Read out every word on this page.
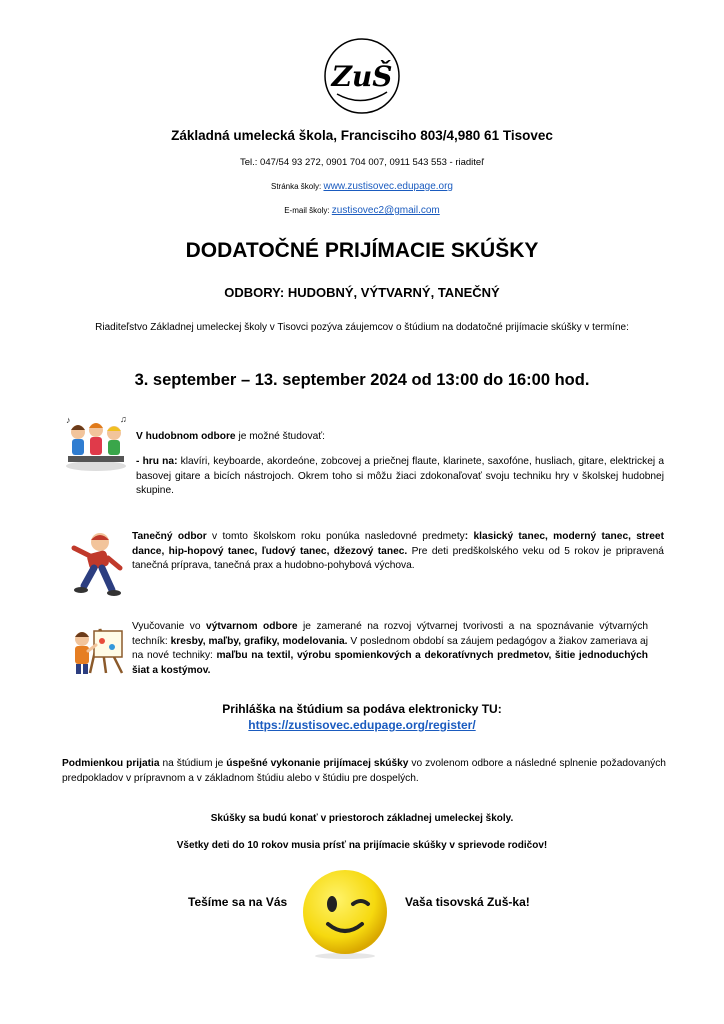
ZuŠ
Základná umelecká škola, Francisciho 803/4,980 61 Tisovec
Tel.: 047/54 93 272, 0901 704 007, 0911 543 553 - riaditeľ
Stránka školy: www.zustisovec.edupage.org
E-mail školy: zustisovec2@gmail.com
DODATOČNÉ PRIJÍMACIE SKÚŠKY
ODBORY: HUDOBNÝ, VÝTVARNÝ, TANEČNÝ
Riaditeľstvo Základnej umeleckej školy v Tisovci pozýva záujemcov o štúdium na dodatočné prijímacie skúšky v termíne:
3. september – 13. september 2024 od 13:00 do 16:00 hod.
♪	♫
V hudobnom odbore je možné študovať:
- hru na: klavíri, keyboarde, akordeóne, zobcovej a priečnej flaute, klarinete, saxofóne, husliach, gitare, elektrickej a basovej gitare a bicích nástrojoch. Okrem toho si môžu žiaci zdokonaľovať svoju techniku hry v školskej hudobnej skupine.
Tanečný odbor v tomto školskom roku ponúka nasledovné predmety: klasický tanec, moderný tanec, street dance, hip-hopový tanec, ľudový tanec, džezový tanec. Pre deti predškolského veku od 5 rokov je pripravená tanečná príprava, tanečná prax a hudobno-pohybová výchova.
Vyučovanie vo výtvarnom odbore je zamerané na rozvoj výtvarnej tvorivosti a na spoznávanie výtvarných techník: kresby, maľby, grafiky, modelovania. V poslednom období sa záujem pedagógov a žiakov zameriava aj na nové techniky: maľbu na textil, výrobu spomienkových a dekoratívnych predmetov, šitie jednoduchých šiat a kostýmov.
Prihláška na štúdium sa podáva elektronicky TU:
https://zustisovec.edupage.org/register/
Podmienkou prijatia na štúdium je úspešné vykonanie prijímacej skúšky vo zvolenom odbore a následné splnenie požadovaných predpokladov v prípravnom a v základnom štúdiu alebo v štúdiu pre dospelých.
Skúšky sa budú konať v priestoroch základnej umeleckej školy.
Všetky deti do 10 rokov musia prísť na prijímacie skúšky v sprievode rodičov!
Tešíme sa na Vás	Vaša tisovská Zuš-ka!
